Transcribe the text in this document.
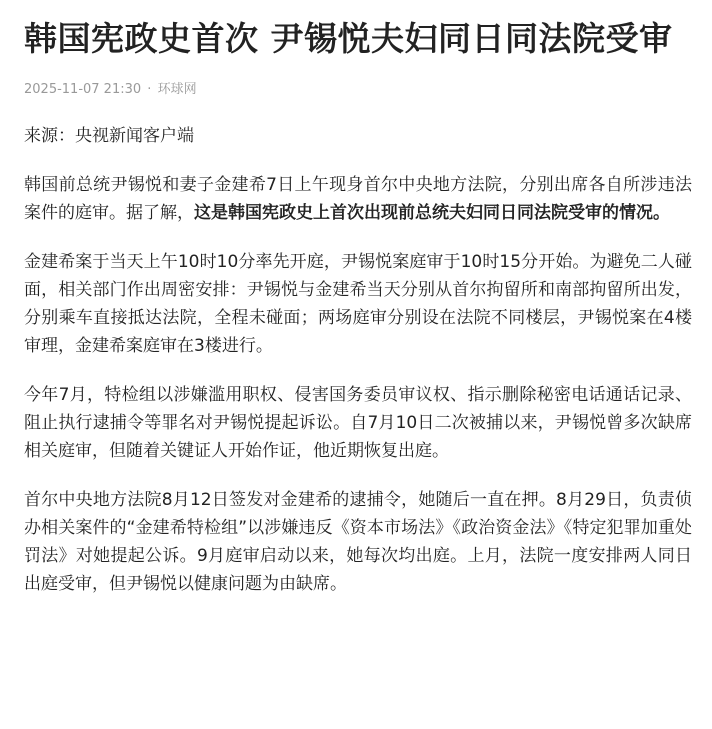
韩国宪政史首次 尹锡悦夫妇同日同法院受审
2025-11-07 21:30 · 环球网

来源：央视新闻客户端

韩国前总统尹锡悦和妻子金建希7日上午现身首尔中央地方法院，分别出席各自所涉违法案件的庭审。据了解，这是韩国宪政史上首次出现前总统夫妇同日同法院受审的情况。

金建希案于当天上午10时10分率先开庭，尹锡悦案庭审于10时15分开始。为避免二人碰面，相关部门作出周密安排：尹锡悦与金建希当天分别从首尔拘留所和南部拘留所出发，分别乘车直接抵达法院，全程未碰面；两场庭审分别设在法院不同楼层，尹锡悦案在4楼审理，金建希案庭审在3楼进行。

今年7月，特检组以涉嫌滥用职权、侵害国务委员审议权、指示删除秘密电话通话记录、阻止执行逮捕令等罪名对尹锡悦提起诉讼。自7月10日二次被捕以来，尹锡悦曾多次缺席相关庭审，但随着关键证人开始作证，他近期恢复出庭。

首尔中央地方法院8月12日签发对金建希的逮捕令，她随后一直在押。8月29日，负责侦办相关案件的“金建希特检组”以涉嫌违反《资本市场法》《政治资金法》《特定犯罪加重处罚法》对她提起公诉。9月庭审启动以来，她每次均出庭。上月，法院一度安排两人同日出庭受审，但尹锡悦以健康问题为由缺席。
